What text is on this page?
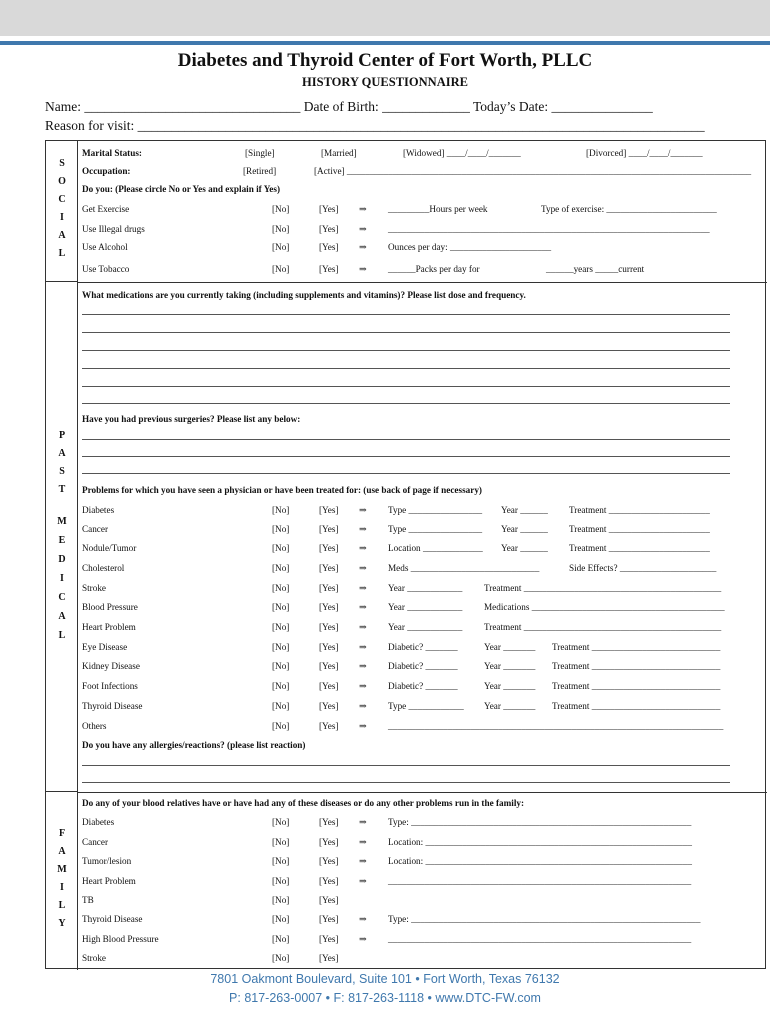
Diabetes and Thyroid Center of Fort Worth, PLLC
HISTORY QUESTIONNAIRE
Name: ________________________________ Date of Birth: _____________ Today’s Date: _______________
Reason for visit: ____________________________________________________________________________________
S
O
C
I
A
L
Marital Status:	[Single]	[Married]	[Widowed] ____/____/_______	[Divorced] ____/____/_______
Occupation:	[Retired]	[Active] ________________________________________________________________________________________
Do you: (Please circle No or Yes and explain if Yes)
Get Exercise	[No]	[Yes] ⇒ _________Hours per week	Type of exercise: ________________________
Use Illegal drugs	[No]	[Yes] ⇒ ______________________________________________________________________
Use Alcohol	[No]	[Yes] ⇒ Ounces per day: ______________________
Use Tobacco	[No]	[Yes] ⇒ ______Packs per day for	______years _____current
P
A
S
T
M
E
D
I
C
A
L
What medications are you currently taking (including supplements and vitamins)? Please list dose and frequency.
Have you had previous surgeries? Please list any below:
Problems for which you have seen a physician or have been treated for: (use back of page if necessary)
Diabetes	[No]	[Yes] ⇒ Type ________________ Year ______ Treatment ______________________
Cancer	[No]	[Yes] ⇒ Type ________________ Year ______ Treatment ______________________
Nodule/Tumor	[No]	[Yes] ⇒ Location _____________ Year ______ Treatment ______________________
Cholesterol	[No]	[Yes] ⇒ Meds ____________________________	Side Effects? _____________________
Stroke	[No]	[Yes] ⇒ Year ____________ Treatment ___________________________________________
Blood Pressure	[No]	[Yes] ⇒ Year ____________ Medications __________________________________________
Heart Problem	[No]	[Yes] ⇒ Year ____________ Treatment ___________________________________________
Eye Disease	[No]	[Yes] ⇒ Diabetic? _______	Year _______ Treatment ____________________________
Kidney Disease	[No]	[Yes] ⇒ Diabetic? _______	Year _______ Treatment ____________________________
Foot Infections	[No]	[Yes] ⇒ Diabetic? _______	Year _______ Treatment ____________________________
Thyroid Disease	[No]	[Yes] ⇒ Type ____________ Year _______ Treatment ____________________________
Others	[No]	[Yes] ⇒ _________________________________________________________________________
Do you have any allergies/reactions? (please list reaction)
F
A
M
I
L
Y
Do any of your blood relatives have or have had any of these diseases or do any other problems run in the family:
Diabetes	[No]	[Yes] ⇒ Type: _____________________________________________________________
Cancer	[No]	[Yes] ⇒ Location: __________________________________________________________
Tumor/lesion	[No]	[Yes] ⇒ Location: __________________________________________________________
Heart Problem	[No]	[Yes] ⇒ __________________________________________________________________
TB	[No]	[Yes]
Thyroid Disease	[No]	[Yes] ⇒ Type: _______________________________________________________________
High Blood Pressure	[No]	[Yes] ⇒ __________________________________________________________________
Stroke	[No]	[Yes]
7801 Oakmont Boulevard, Suite 101 • Fort Worth, Texas 76132
P: 817-263-0007 • F: 817-263-1118 • www.DTC-FW.com
